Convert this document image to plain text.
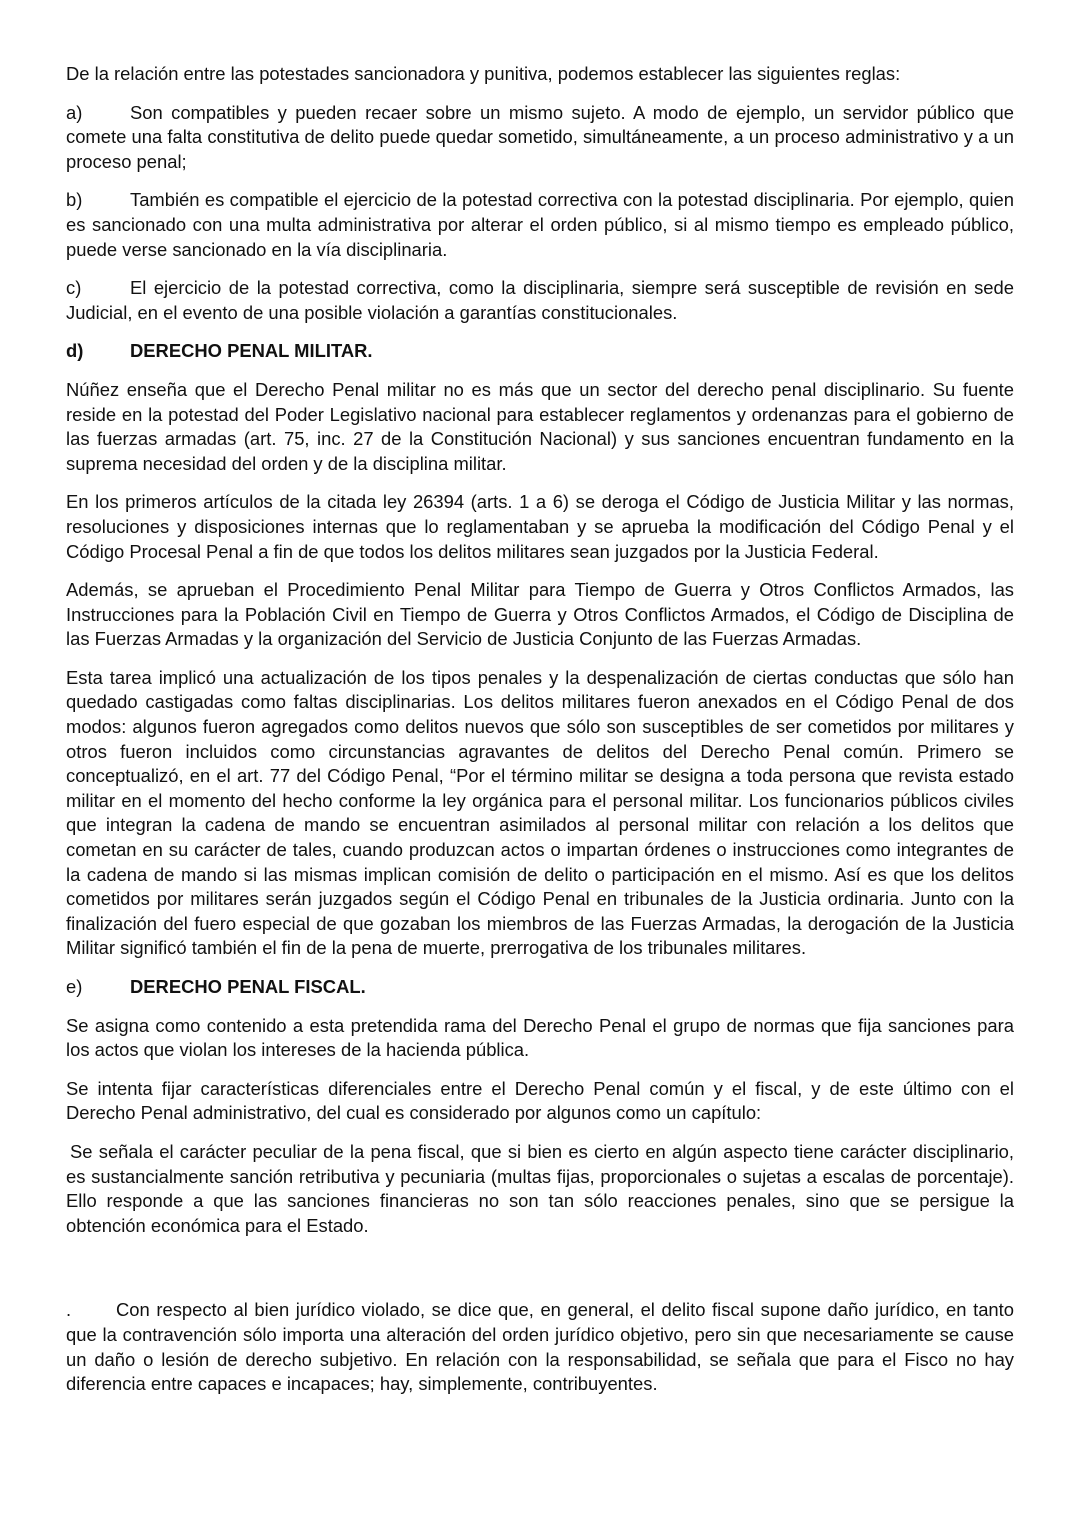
De la relación entre las potestades sancionadora y punitiva, podemos establecer las siguientes reglas:

a)	Son compatibles y pueden recaer sobre un mismo sujeto. A modo de ejemplo, un servidor público que comete una falta constitutiva de delito puede quedar sometido, simultáneamente, a un proceso administrativo y a un proceso penal;

b)	También es compatible el ejercicio de la potestad correctiva con la potestad disciplinaria. Por ejemplo, quien es sancionado con una multa administrativa por alterar el orden público, si al mismo tiempo es empleado público, puede verse sancionado en la vía disciplinaria.

c)	El ejercicio de la potestad correctiva, como la disciplinaria, siempre será susceptible de revisión en sede Judicial, en el evento de una posible violación a garantías constitucionales.

d)	DERECHO PENAL MILITAR.

Núñez enseña que el Derecho Penal militar no es más que un sector del derecho penal disciplinario. Su fuente reside en la potestad del Poder Legislativo nacional para establecer reglamentos y ordenanzas para el gobierno de las fuerzas armadas (art. 75, inc. 27 de la Constitución Nacional) y sus sanciones encuentran fundamento en la suprema necesidad del orden y de la disciplina militar.

En los primeros artículos de la citada ley 26394 (arts. 1 a 6) se deroga el Código de Justicia Militar y las normas, resoluciones y disposiciones internas que lo reglamentaban y se aprueba la modificación del Código Penal y el Código Procesal Penal a fin de que todos los delitos militares sean juzgados por la Justicia Federal.

Además, se aprueban el Procedimiento Penal Militar para Tiempo de Guerra y Otros Conflictos Armados, las Instrucciones para la Población Civil en Tiempo de Guerra y Otros Conflictos Armados, el Código de Disciplina de las Fuerzas Armadas y la organización del Servicio de Justicia Conjunto de las Fuerzas Armadas.

Esta tarea implicó una actualización de los tipos penales y la despenalización de ciertas conductas que sólo han quedado castigadas como faltas disciplinarias. Los delitos militares fueron anexados en el Código Penal de dos modos: algunos fueron agregados como delitos nuevos que sólo son susceptibles de ser cometidos por militares y otros fueron incluidos como circunstancias agravantes de delitos del Derecho Penal común. Primero se conceptualizó, en el art. 77 del Código Penal, “Por el término militar se designa a toda persona que revista estado militar en el momento del hecho conforme la ley orgánica para el personal militar. Los funcionarios públicos civiles que integran la cadena de mando se encuentran asimilados al personal militar con relación a los delitos que cometan en su carácter de tales, cuando produzcan actos o impartan órdenes o instrucciones como integrantes de la cadena de mando si las mismas implican comisión de delito o participación en el mismo. Así es que los delitos cometidos por militares serán juzgados según el Código Penal en tribunales de la Justicia ordinaria. Junto con la finalización del fuero especial de que gozaban los miembros de las Fuerzas Armadas, la derogación de la Justicia Militar significó también el fin de la pena de muerte, prerrogativa de los tribunales militares.

e)	DERECHO PENAL FISCAL.

Se asigna como contenido a esta pretendida rama del Derecho Penal el grupo de normas que fija sanciones para los actos que violan los intereses de la hacienda pública.

Se intenta fijar características diferenciales entre el Derecho Penal común y el fiscal, y de este último con el Derecho Penal administrativo, del cual es considerado por algunos como un capítulo:

Se señala el carácter peculiar de la pena fiscal, que si bien es cierto en algún aspecto tiene carácter disciplinario, es sustancialmente sanción retributiva y pecuniaria (multas fijas, proporcionales o sujetas a escalas de porcentaje). Ello responde a que las sanciones financieras no son tan sólo reacciones penales, sino que se persigue la obtención económica para el Estado.

. Con respecto al bien jurídico violado, se dice que, en general, el delito fiscal supone daño jurídico, en tanto que la contravención sólo importa una alteración del orden jurídico objetivo, pero sin que necesariamente se cause un daño o lesión de derecho subjetivo. En relación con la responsabilidad, se señala que para el Fisco no hay diferencia entre capaces e incapaces; hay, simplemente, contribuyentes.
